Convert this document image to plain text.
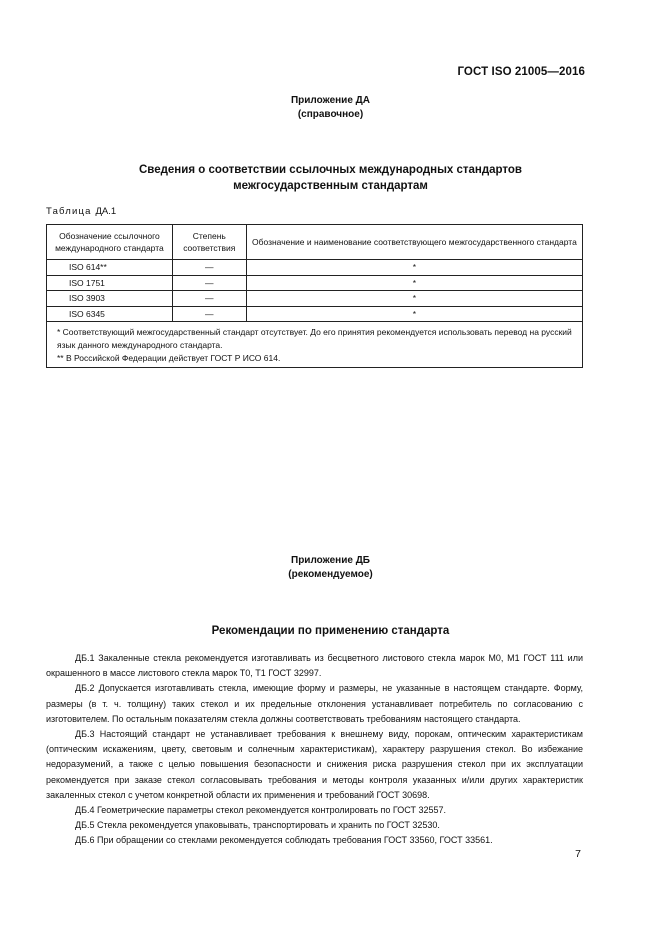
ГОСТ ISO 21005—2016
Приложение ДА
(справочное)
Сведения о соответствии ссылочных международных стандартов
межгосударственным стандартам
Таблица ДА.1
Обозначение ссылочного международного стандарта	Степень соответствия	Обозначение и наименование соответствующего межгосударственного стандарта
ISO 614**	—	*
ISO 1751	—	*
ISO 3903	—	*
ISO 6345	—	*

* Соответствующий межгосударственный стандарт отсутствует. До его принятия рекомендуется использовать перевод на русский язык данного международного стандарта.
** В Российской Федерации действует ГОСТ Р ИСО 614.		
Приложение ДБ
(рекомендуемое)
Рекомендации по применению стандарта

ДБ.1 Закаленные стекла рекомендуется изготавливать из бесцветного листового стекла марок М0, М1 ГОСТ 111 или окрашенного в массе листового стекла марок Т0, Т1 ГОСТ 32997.

ДБ.2 Допускается изготавливать стекла, имеющие форму и размеры, не указанные в настоящем стандарте. Форму, размеры (в т. ч. толщину) таких стекол и их предельные отклонения устанавливает потребитель по согласованию с изготовителем. По остальным показателям стекла должны соответствовать требованиям настоящего стандарта.

ДБ.3 Настоящий стандарт не устанавливает требования к внешнему виду, порокам, оптическим характеристикам (оптическим искажениям, цвету, световым и солнечным характеристикам), характеру разрушения стекол. Во избежание недоразумений, а также с целью повышения безопасности и снижения риска разрушения стекол при их эксплуатации рекомендуется при заказе стекол согласовывать требования и методы контроля указанных и/или других характеристик закаленных стекол с учетом конкретной области их применения и требований ГОСТ 30698.

ДБ.4 Геометрические параметры стекол рекомендуется контролировать по ГОСТ 32557.

ДБ.5 Стекла рекомендуется упаковывать, транспортировать и хранить по ГОСТ 32530.

ДБ.6 При обращении со стеклами рекомендуется соблюдать требования ГОСТ 33560, ГОСТ 33561.

7
